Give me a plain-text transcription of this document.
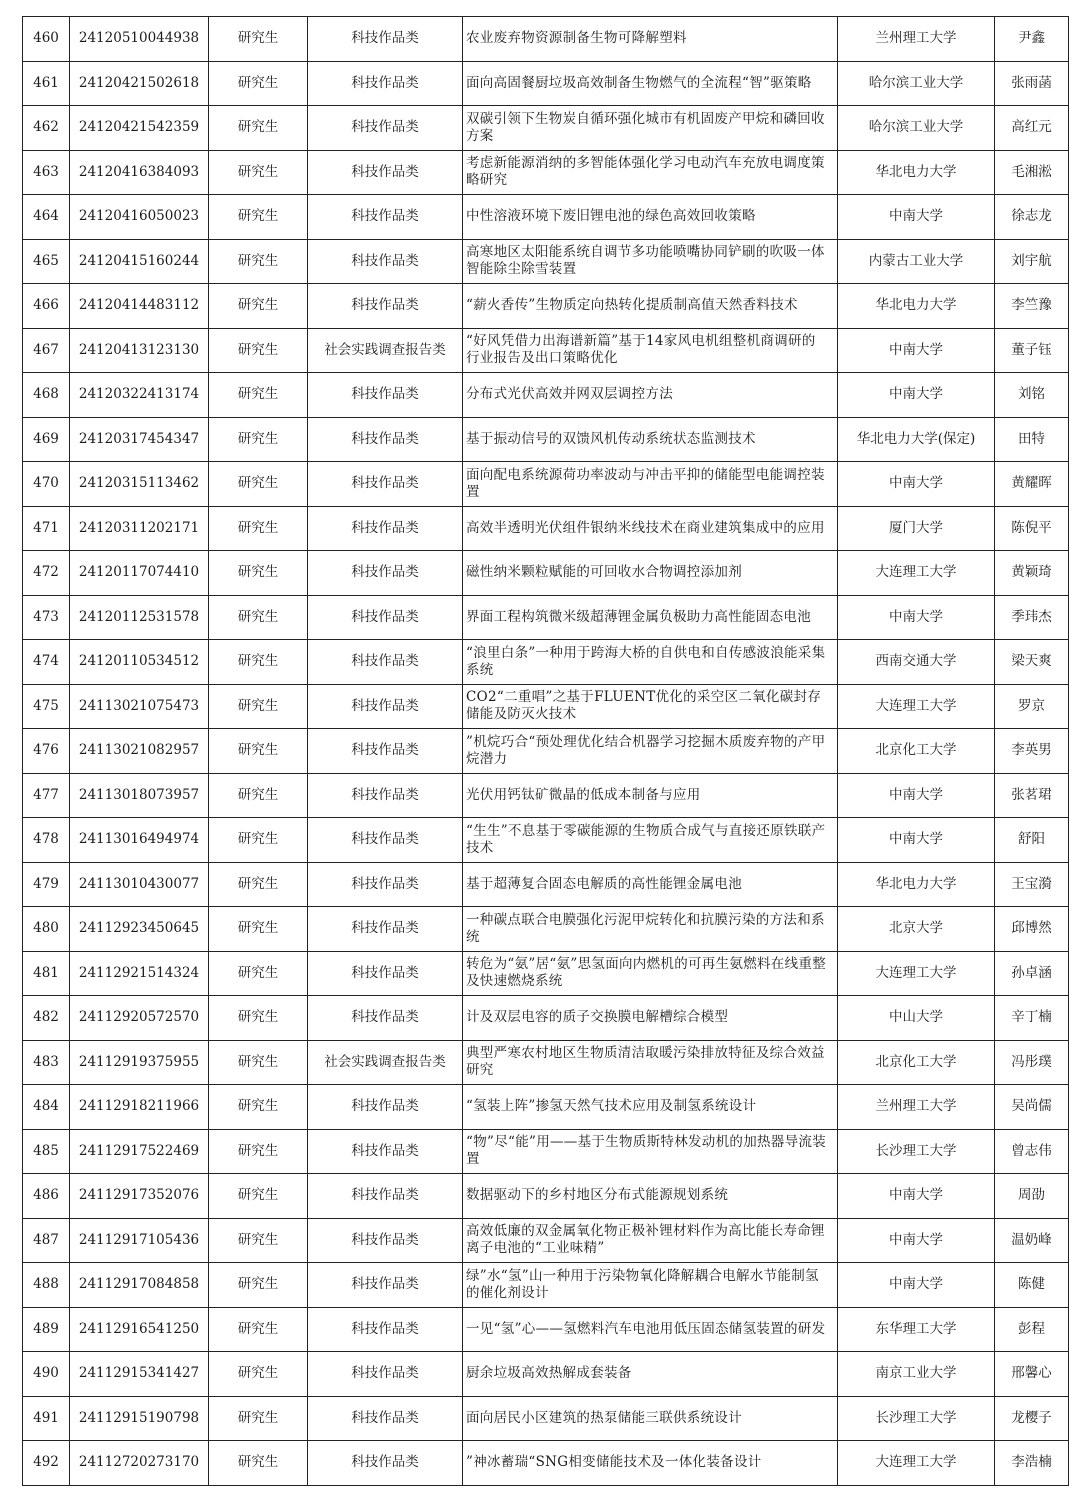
460	24120510044938	研究生	科技作品类	农业废弃物资源制备生物可降解塑料	兰州理工大学	尹鑫
461	24120421502618	研究生	科技作品类	面向高固餐厨垃圾高效制备生物燃气的全流程“智”驱策略	哈尔滨工业大学	张雨菡
462	24120421542359	研究生	科技作品类	双碳引领下生物炭自循环强化城市有机固废产甲烷和磷回收方案	哈尔滨工业大学	高红元
463	24120416384093	研究生	科技作品类	考虑新能源消纳的多智能体强化学习电动汽车充放电调度策略研究	华北电力大学	毛湘淞
464	24120416050023	研究生	科技作品类	中性溶液环境下废旧锂电池的绿色高效回收策略	中南大学	徐志龙
465	24120415160244	研究生	科技作品类	高寒地区太阳能系统自调节多功能喷嘴协同铲刷的吹吸一体智能除尘除雪装置	内蒙古工业大学	刘宇航
466	24120414483112	研究生	科技作品类	“薪火香传”生物质定向热转化提质制高值天然香料技术	华北电力大学	李竺豫
467	24120413123130	研究生	社会实践调查报告类	“好风凭借力出海谱新篇”基于14家风电机组整机商调研的行业报告及出口策略优化	中南大学	董子钰
468	24120322413174	研究生	科技作品类	分布式光伏高效并网双层调控方法	中南大学	刘铭
469	24120317454347	研究生	科技作品类	基于振动信号的双馈风机传动系统状态监测技术	华北电力大学(保定)	田特
470	24120315113462	研究生	科技作品类	面向配电系统源荷功率波动与冲击平抑的储能型电能调控装置	中南大学	黄耀晖
471	24120311202171	研究生	科技作品类	高效半透明光伏组件银纳米线技术在商业建筑集成中的应用	厦门大学	陈倪平
472	24120117074410	研究生	科技作品类	磁性纳米颗粒赋能的可回收水合物调控添加剂	大连理工大学	黄颖琦
473	24120112531578	研究生	科技作品类	界面工程构筑微米级超薄锂金属负极助力高性能固态电池	中南大学	季玮杰
474	24120110534512	研究生	科技作品类	“浪里白条”一种用于跨海大桥的自供电和自传感波浪能采集系统	西南交通大学	梁天爽
475	24113021075473	研究生	科技作品类	CO2“二重唱”之基于FLUENT优化的采空区二氧化碳封存储能及防灭火技术	大连理工大学	罗京
476	24113021082957	研究生	科技作品类	”机烷巧合“预处理优化结合机器学习挖掘木质废弃物的产甲烷潜力	北京化工大学	李英男
477	24113018073957	研究生	科技作品类	光伏用钙钛矿微晶的低成本制备与应用	中南大学	张茗珺
478	24113016494974	研究生	科技作品类	“生生”不息基于零碳能源的生物质合成气与直接还原铁联产技术	中南大学	舒阳
479	24113010430077	研究生	科技作品类	基于超薄复合固态电解质的高性能锂金属电池	华北电力大学	王宝漪
480	24112923450645	研究生	科技作品类	一种碳点联合电膜强化污泥甲烷转化和抗膜污染的方法和系统	北京大学	邱博然
481	24112921514324	研究生	科技作品类	转危为“氨”居“氨”思氢面向内燃机的可再生氨燃料在线重整及快速燃烧系统	大连理工大学	孙卓涵
482	24112920572570	研究生	科技作品类	计及双层电容的质子交换膜电解槽综合模型	中山大学	辛丁楠
483	24112919375955	研究生	社会实践调查报告类	典型严寒农村地区生物质清洁取暖污染排放特征及综合效益研究	北京化工大学	冯彤璞
484	24112918211966	研究生	科技作品类	“氢装上阵”掺氢天然气技术应用及制氢系统设计	兰州理工大学	吴尚儒
485	24112917522469	研究生	科技作品类	“物”尽“能”用——基于生物质斯特林发动机的加热器导流装置	长沙理工大学	曾志伟
486	24112917352076	研究生	科技作品类	数据驱动下的乡村地区分布式能源规划系统	中南大学	周劭
487	24112917105436	研究生	科技作品类	高效低廉的双金属氧化物正极补锂材料作为高比能长寿命锂离子电池的“工业味精”	中南大学	温奶峰
488	24112917084858	研究生	科技作品类	绿”水“氢”山一种用于污染物氧化降解耦合电解水节能制氢的催化剂设计	中南大学	陈健
489	24112916541250	研究生	科技作品类	一见“氢”心——氢燃料汽车电池用低压固态储氢装置的研发	东华理工大学	彭程
490	24112915341427	研究生	科技作品类	厨余垃圾高效热解成套装备	南京工业大学	邢馨心
491	24112915190798	研究生	科技作品类	面向居民小区建筑的热泵储能三联供系统设计	长沙理工大学	龙樱子
492	24112720273170	研究生	科技作品类	”神冰蓄瑞“SNG相变储能技术及一体化装备设计	大连理工大学	李浩楠
